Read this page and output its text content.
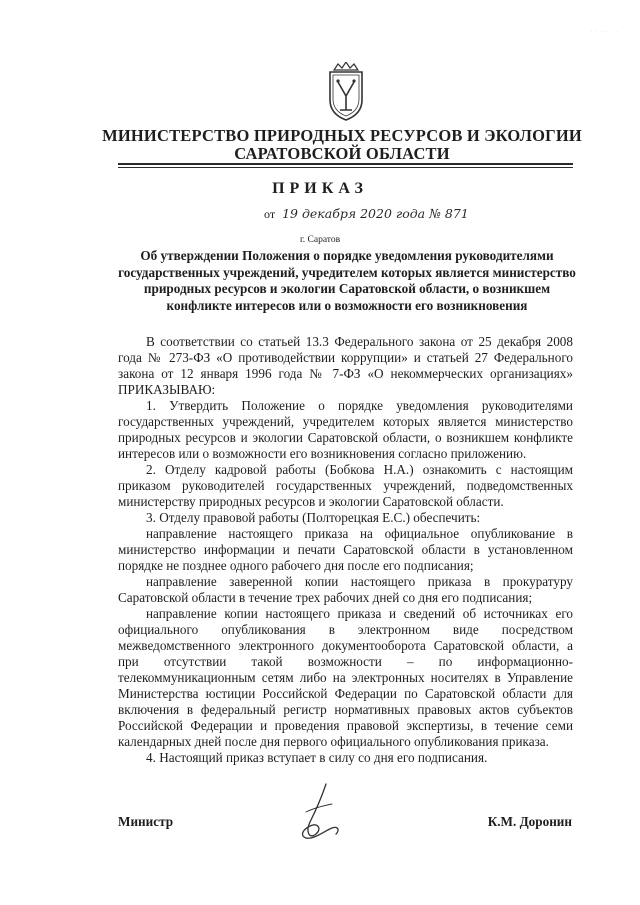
· · · · · ·
МИНИСТЕРСТВО ПРИРОДНЫХ РЕСУРСОВ И ЭКОЛОГИИ
САРАТОВСКОЙ ОБЛАСТИ
ПРИКАЗ
от 19 декабря 2020 года № 871
г. Саратов
Об утверждении Положения о порядке уведомления руководителями государственных учреждений, учредителем которых является министерство природных ресурсов и экологии Саратовской области, о возникшем конфликте интересов или о возможности его возникновения

В соответствии со статьей 13.3 Федерального закона от 25 декабря 2008 года № 273-ФЗ «О противодействии коррупции» и статьей 27 Федерального закона от 12 января 1996 года № 7-ФЗ «О некоммерческих организациях» ПРИКАЗЫВАЮ:

1. Утвердить Положение о порядке уведомления руководителями государственных учреждений, учредителем которых является министерство природных ресурсов и экологии Саратовской области, о возникшем конфликте интересов или о возможности его возникновения согласно приложению.

2. Отделу кадровой работы (Бобкова Н.А.) ознакомить с настоящим приказом руководителей государственных учреждений, подведомственных министерству природных ресурсов и экологии Саратовской области.

3. Отделу правовой работы (Полторецкая Е.С.) обеспечить:

направление настоящего приказа на официальное опубликование в министерство информации и печати Саратовской области в установленном порядке не позднее одного рабочего дня после его подписания;

направление заверенной копии настоящего приказа в прокуратуру Саратовской области в течение трех рабочих дней со дня его подписания;

направление копии настоящего приказа и сведений об источниках его официального опубликования в электронном виде посредством межведомственного электронного документооборота Саратовской области, а при отсутствии такой возможности – по информационно-телекоммуникационным сетям либо на электронных носителях в Управление Министерства юстиции Российской Федерации по Саратовской области для включения в федеральный регистр нормативных правовых актов субъектов Российской Федерации и проведения правовой экспертизы, в течение семи календарных дней после дня первого официального опубликования приказа.

4. Настоящий приказ вступает в силу со дня его подписания.

Министр	К.М. Доронин
